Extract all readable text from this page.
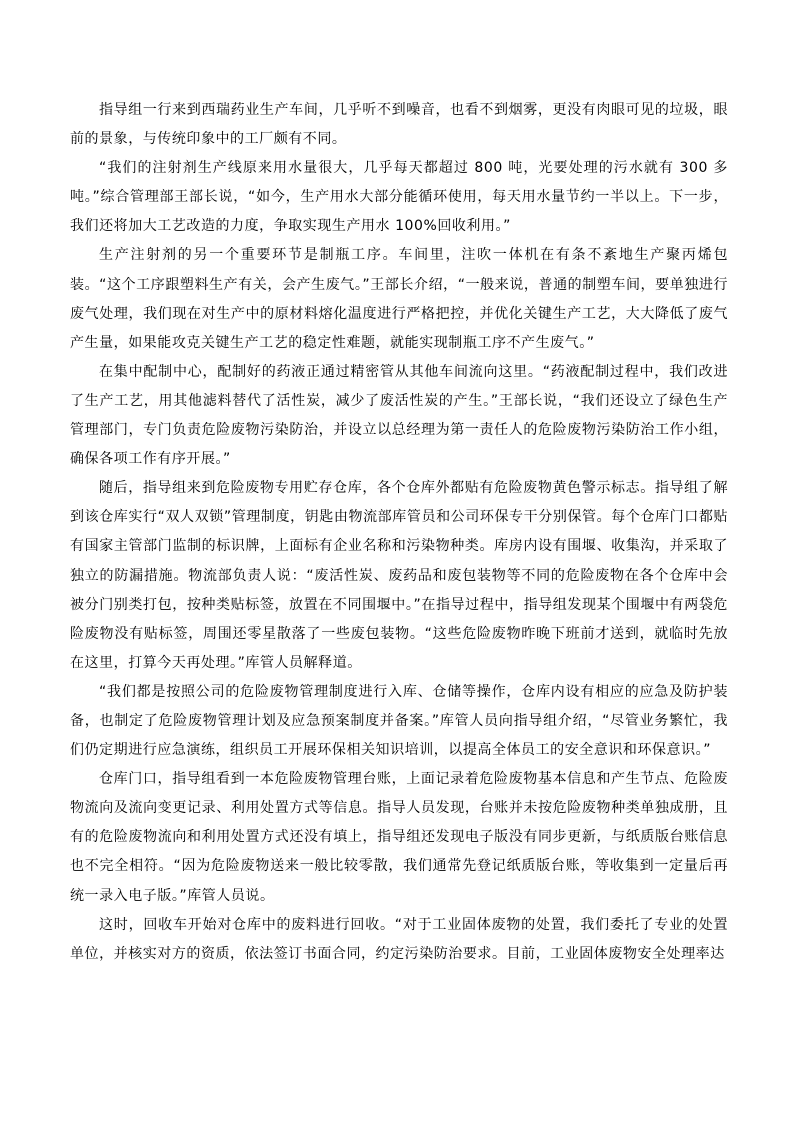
指导组一行来到西瑞药业生产车间，几乎听不到噪音，也看不到烟雾，更没有肉眼可见的垃圾，眼前的景象，与传统印象中的工厂颇有不同。

“我们的注射剂生产线原来用水量很大，几乎每天都超过 800 吨，光要处理的污水就有 300 多吨。”综合管理部王部长说，“如今，生产用水大部分能循环使用，每天用水量节约一半以上。下一步，我们还将加大工艺改造的力度，争取实现生产用水 100%回收利用。”

生产注射剂的另一个重要环节是制瓶工序。车间里，注吹一体机在有条不紊地生产聚丙烯包装。“这个工序跟塑料生产有关，会产生废气。”王部长介绍，“一般来说，普通的制塑车间，要单独进行废气处理，我们现在对生产中的原材料熔化温度进行严格把控，并优化关键生产工艺，大大降低了废气产生量，如果能攻克关键生产工艺的稳定性难题，就能实现制瓶工序不产生废气。”

在集中配制中心，配制好的药液正通过精密管从其他车间流向这里。“药液配制过程中，我们改进了生产工艺，用其他滤料替代了活性炭，减少了废活性炭的产生。”王部长说，“我们还设立了绿色生产管理部门，专门负责危险废物污染防治，并设立以总经理为第一责任人的危险废物污染防治工作小组，确保各项工作有序开展。”

随后，指导组来到危险废物专用贮存仓库，各个仓库外都贴有危险废物黄色警示标志。指导组了解到该仓库实行“双人双锁”管理制度，钥匙由物流部库管员和公司环保专干分别保管。每个仓库门口都贴有国家主管部门监制的标识牌，上面标有企业名称和污染物种类。库房内设有围堰、收集沟，并采取了独立的防漏措施。物流部负责人说：“废活性炭、废药品和废包装物等不同的危险废物在各个仓库中会被分门别类打包，按种类贴标签，放置在不同围堰中。”在指导过程中，指导组发现某个围堰中有两袋危险废物没有贴标签，周围还零星散落了一些废包装物。“这些危险废物昨晚下班前才送到，就临时先放在这里，打算今天再处理。”库管人员解释道。

“我们都是按照公司的危险废物管理制度进行入库、仓储等操作，仓库内设有相应的应急及防护装备，也制定了危险废物管理计划及应急预案制度并备案。”库管人员向指导组介绍，“尽管业务繁忙，我们仍定期进行应急演练，组织员工开展环保相关知识培训，以提高全体员工的安全意识和环保意识。”

仓库门口，指导组看到一本危险废物管理台账，上面记录着危险废物基本信息和产生节点、危险废物流向及流向变更记录、利用处置方式等信息。指导人员发现，台账并未按危险废物种类单独成册，且有的危险废物流向和利用处置方式还没有填上，指导组还发现电子版没有同步更新，与纸质版台账信息也不完全相符。“因为危险废物送来一般比较零散，我们通常先登记纸质版台账，等收集到一定量后再统一录入电子版。”库管人员说。

这时，回收车开始对仓库中的废料进行回收。“对于工业固体废物的处置，我们委托了专业的处置单位，并核实对方的资质，依法签订书面合同，约定污染防治要求。目前，工业固体废物安全处理率达
